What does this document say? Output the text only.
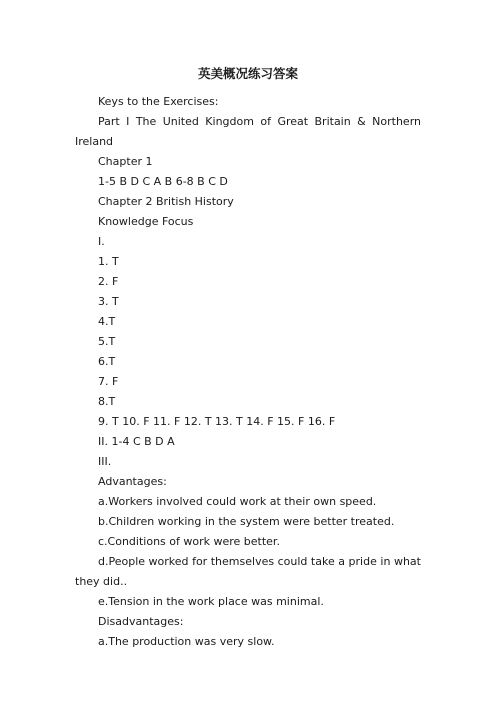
英美概况练习答案
Keys to the Exercises:
Part I The United Kingdom of Great Britain & Northern Ireland
Chapter 1
1-5 B D C A B 6-8 B C D
Chapter 2 British History
Knowledge Focus
I.
1. T
2. F
3. T
4.T
5.T
6.T
7. F
8.T
9. T 10. F 11. F 12. T 13. T 14. F 15. F 16. F
II. 1-4 C B D A
III.
Advantages:
a.Workers involved could work at their own speed.
b.Children working in the system were better treated.
c.Conditions of work were better.
d.People worked for themselves could take a pride in what they did..
e.Tension in the work place was minimal.
Disadvantages:
a.The production was very slow.
